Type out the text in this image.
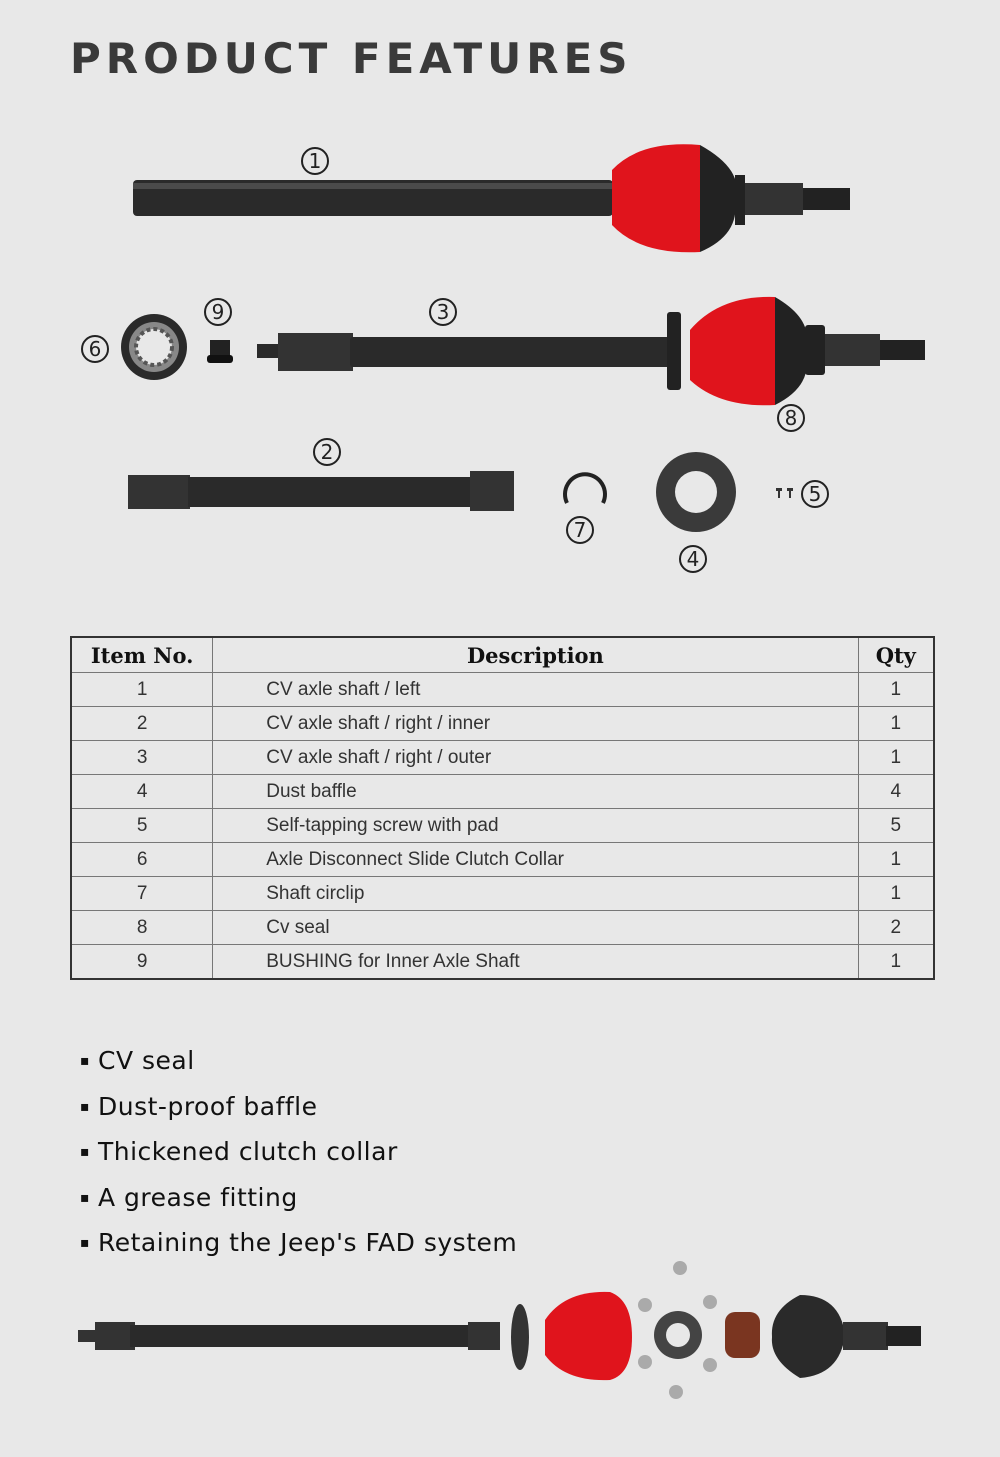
PRODUCT FEATURES
1
9	3
6
8
2
7
5
4
Item No.	Description	Qty
1	CV axle shaft / left	1
2	CV axle shaft / right / inner	1
3	CV axle shaft / right / outer	1
4	Dust baffle	4
5	Self-tapping screw with pad	5
6	Axle Disconnect Slide Clutch Collar	1
7	Shaft circlip	1
8	Cv seal	2
9	BUSHING for Inner Axle Shaft	1
▪ CV seal
▪ Dust-proof baffle
▪ Thickened clutch collar
▪ A grease fitting
▪ Retaining the Jeep's FAD system
